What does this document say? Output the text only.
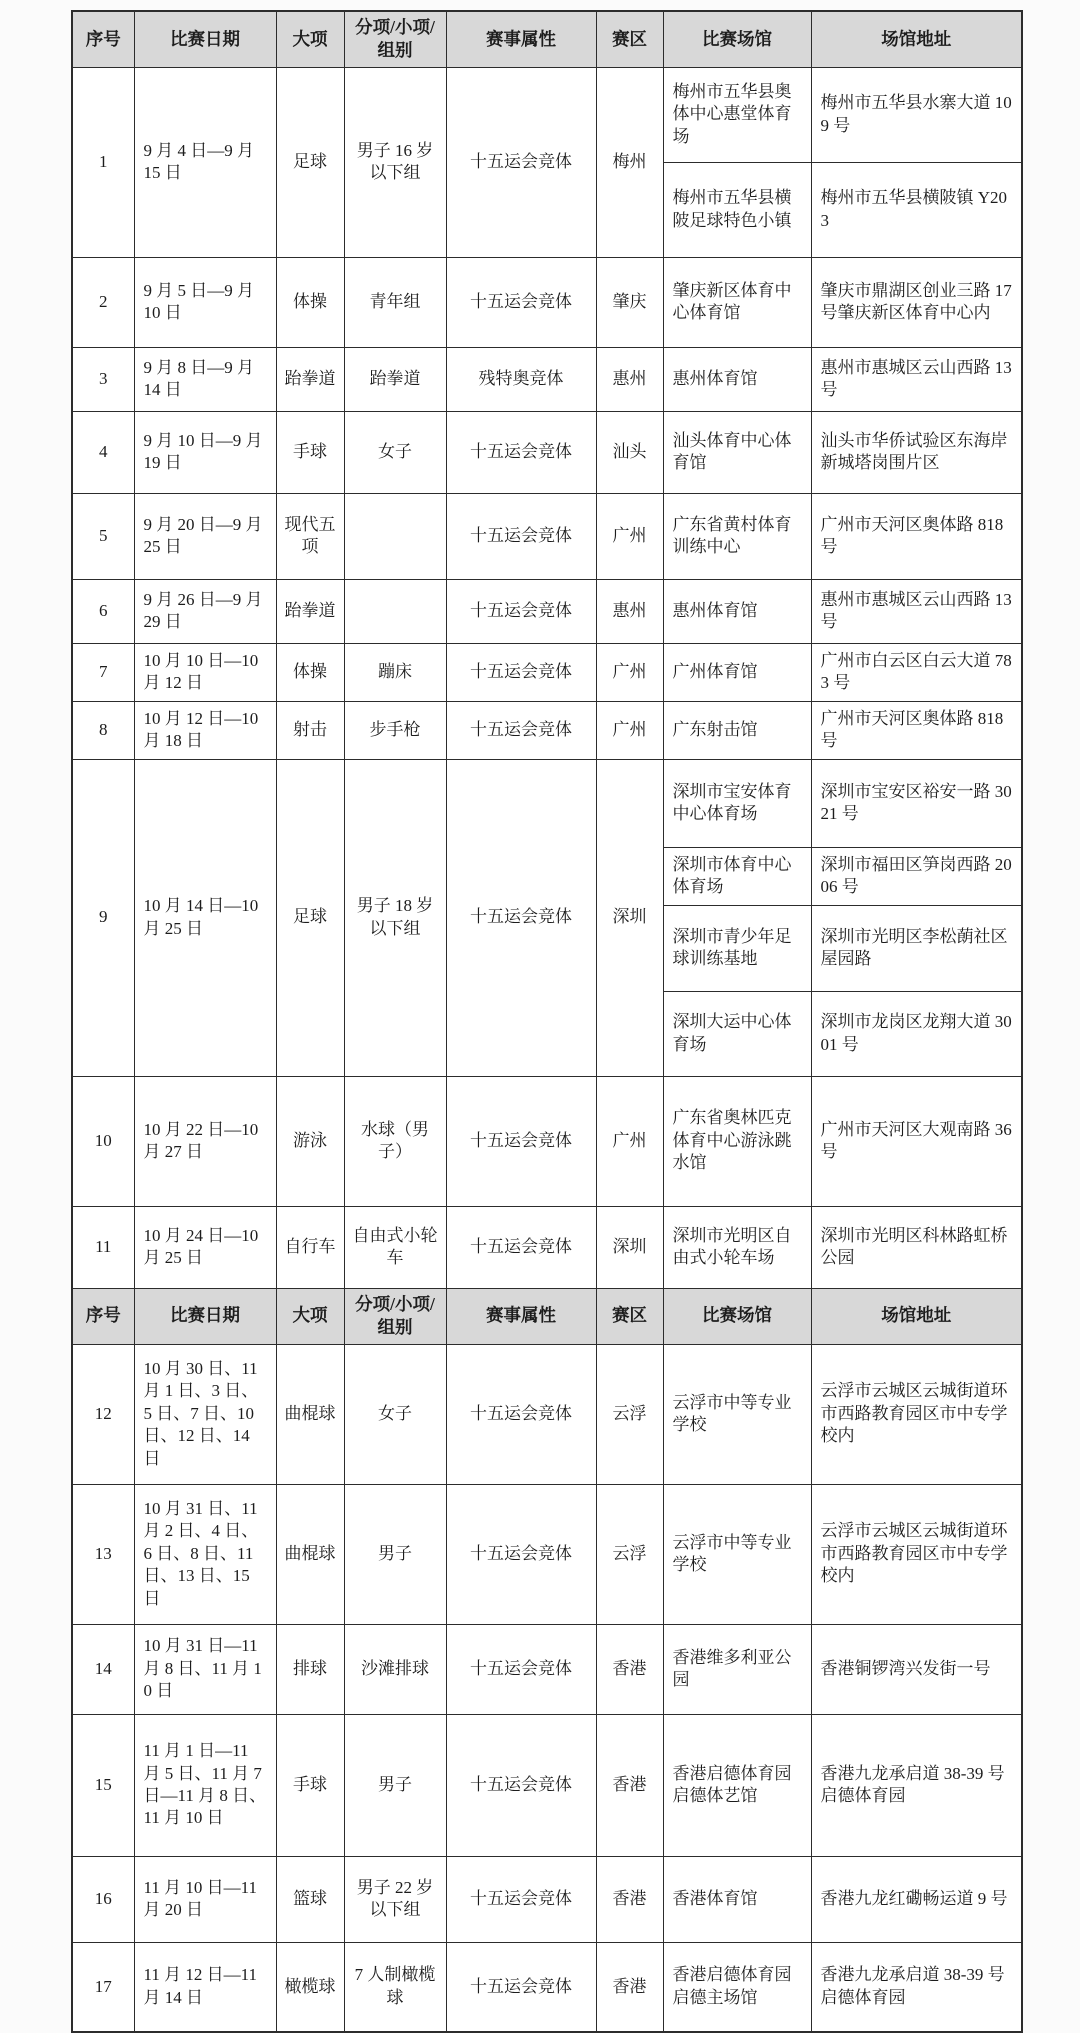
序号	比赛日期	大项	分项/小项/组别	赛事属性	赛区	比赛场馆	场馆地址
1	9 月 4 日—9 月 15 日	足球	男子 16 岁以下组	十五运会竞体	梅州	梅州市五华县奥体中心惠堂体育场	梅州市五华县水寨大道 109 号
						梅州市五华县横陂足球特色小镇	梅州市五华县横陂镇 Y203
2	9 月 5 日—9 月 10 日	体操	青年组	十五运会竞体	肇庆	肇庆新区体育中心体育馆	肇庆市鼎湖区创业三路 17 号肇庆新区体育中心内
3	9 月 8 日—9 月 14 日	跆拳道	跆拳道	残特奥竞体	惠州	惠州体育馆	惠州市惠城区云山西路 13 号
4	9 月 10 日—9 月 19 日	手球	女子	十五运会竞体	汕头	汕头体育中心体育馆	汕头市华侨试验区东海岸新城塔岗围片区
5	9 月 20 日—9 月 25 日	现代五项		十五运会竞体	广州	广东省黄村体育训练中心	广州市天河区奥体路 818 号
6	9 月 26 日—9 月 29 日	跆拳道		十五运会竞体	惠州	惠州体育馆	惠州市惠城区云山西路 13 号
7	10 月 10 日—10 月 12 日	体操	蹦床	十五运会竞体	广州	广州体育馆	广州市白云区白云大道 783 号
8	10 月 12 日—10 月 18 日	射击	步手枪	十五运会竞体	广州	广东射击馆	广州市天河区奥体路 818 号
9	10 月 14 日—10 月 25 日	足球	男子 18 岁以下组	十五运会竞体	深圳	深圳市宝安体育中心体育场	深圳市宝安区裕安一路 3021 号
						深圳市体育中心体育场	深圳市福田区笋岗西路 2006 号
						深圳市青少年足球训练基地	深圳市光明区李松蓢社区屋园路
						深圳大运中心体育场	深圳市龙岗区龙翔大道 3001 号
10	10 月 22 日—10 月 27 日	游泳	水球（男子）	十五运会竞体	广州	广东省奥林匹克体育中心游泳跳水馆	广州市天河区大观南路 36 号
11	10 月 24 日—10 月 25 日	自行车	自由式小轮车	十五运会竞体	深圳	深圳市光明区自由式小轮车场	深圳市光明区科林路虹桥公园
序号	比赛日期	大项	分项/小项/组别	赛事属性	赛区	比赛场馆	场馆地址
12	10 月 30 日、11 月 1 日、3 日、5 日、7 日、10 日、12 日、14 日	曲棍球	女子	十五运会竞体	云浮	云浮市中等专业学校	云浮市云城区云城街道环市西路教育园区市中专学校内
13	10 月 31 日、11 月 2 日、4 日、6 日、8 日、11 日、13 日、15 日	曲棍球	男子	十五运会竞体	云浮	云浮市中等专业学校	云浮市云城区云城街道环市西路教育园区市中专学校内
14	10 月 31 日—11 月 8 日、11 月 10 日	排球	沙滩排球	十五运会竞体	香港	香港维多利亚公园	香港铜锣湾兴发街一号
15	11 月 1 日—11 月 5 日、11 月 7 日—11 月 8 日、11 月 10 日	手球	男子	十五运会竞体	香港	香港启德体育园启德体艺馆	香港九龙承启道 38-39 号启德体育园
16	11 月 10 日—11 月 20 日	篮球	男子 22 岁以下组	十五运会竞体	香港	香港体育馆	香港九龙红磡畅运道 9 号
17	11 月 12 日—11 月 14 日	橄榄球	7 人制橄榄球	十五运会竞体	香港	香港启德体育园启德主场馆	香港九龙承启道 38-39 号启德体育园
